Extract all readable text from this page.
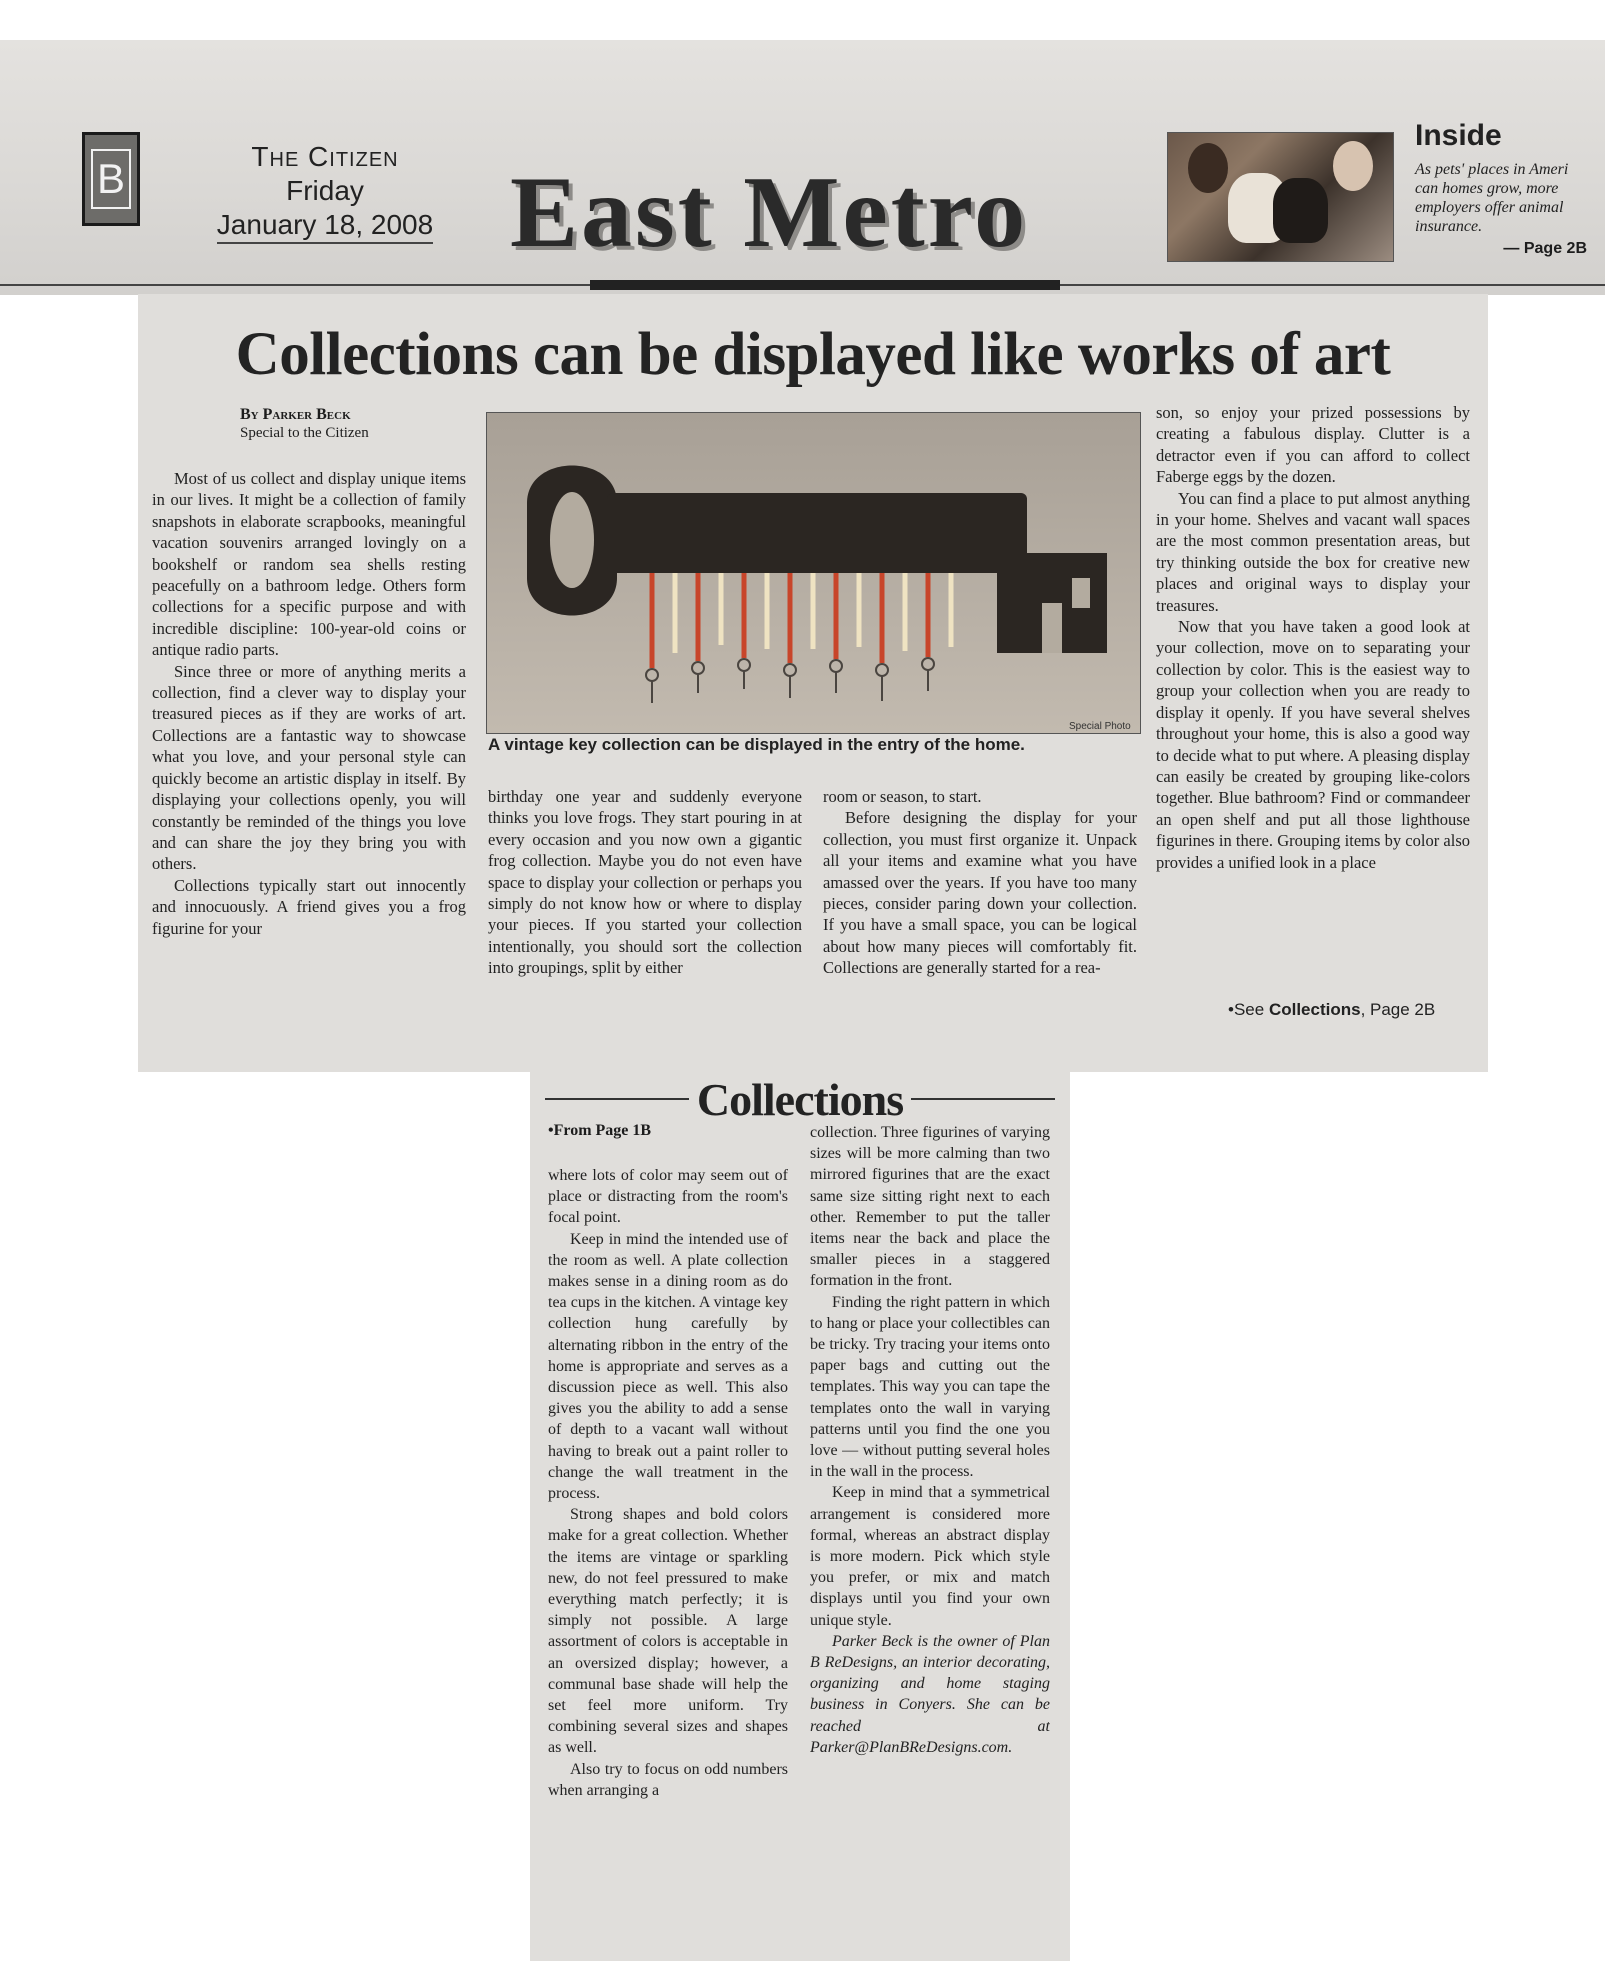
B	The Citizen
Friday
January 18, 2008 East Metro
Inside
As pets' places in Ameri
can homes grow, more
employers offer animal
insurance.
— Page 2B
Collections can be displayed like works of art
By Parker Beck
Special to the Citizen

Most of us collect and display unique items in our lives. It might be a collection of family snapshots in elaborate scrapbooks, meaningful vacation souvenirs arranged lovingly on a bookshelf or random sea shells resting peacefully on a bathroom ledge. Others form collections for a specific purpose and with incredible discipline: 100-year-old coins or antique radio parts.

Since three or more of anything merits a collection, find a clever way to display your treasured pieces as if they are works of art. Collections are a fantastic way to showcase what you love, and your personal style can quickly become an artistic display in itself. By displaying your collections openly, you will constantly be reminded of the things you love and can share the joy they bring you with others.

Collections typically start out innocently and innocuously. A friend gives you a frog figurine for your

Special Photo
A vintage key collection can be displayed in the entry of the home.

birthday one year and suddenly everyone thinks you love frogs. They start pouring in at every occasion and you now own a gigantic frog collection. Maybe you do not even have space to display your collection or perhaps you simply do not know how or where to display your pieces. If you started your collection intentionally, you should sort the collection into groupings, split by either

room or season, to start.

Before designing the display for your collection, you must first organize it. Unpack all your items and examine what you have amassed over the years. If you have too many pieces, consider paring down your collection. If you have a small space, you can be logical about how many pieces will comfortably fit. Collections are generally started for a rea-

son, so enjoy your prized possessions by creating a fabulous display. Clutter is a detractor even if you can afford to collect Faberge eggs by the dozen.

You can find a place to put almost anything in your home. Shelves and vacant wall spaces are the most common presentation areas, but try thinking outside the box for creative new places and original ways to display your treasures.

Now that you have taken a good look at your collection, move on to separating your collection by color. This is the easiest way to group your collection when you are ready to display it openly. If you have several shelves throughout your home, this is also a good way to decide what to put where. A pleasing display can easily be created by grouping like-colors together. Blue bathroom? Find or commandeer an open shelf and put all those lighthouse figurines in there. Grouping items by color also provides a unified look in a place

•See Collections, Page 2B
Collections
•From Page 1B

where lots of color may seem out of place or distracting from the room's focal point.

Keep in mind the intended use of the room as well. A plate collection makes sense in a dining room as do tea cups in the kitchen. A vintage key collection hung carefully by alternating ribbon in the entry of the home is appropriate and serves as a discussion piece as well. This also gives you the ability to add a sense of depth to a vacant wall without having to break out a paint roller to change the wall treatment in the process.

Strong shapes and bold colors make for a great collection. Whether the items are vintage or sparkling new, do not feel pressured to make everything match perfectly; it is simply not possible. A large assortment of colors is acceptable in an oversized display; however, a communal base shade will help the set feel more uniform. Try combining several sizes and shapes as well.

Also try to focus on odd numbers when arranging a

collection. Three figurines of varying sizes will be more calming than two mirrored figurines that are the exact same size sitting right next to each other. Remember to put the taller items near the back and place the smaller pieces in a staggered formation in the front.

Finding the right pattern in which to hang or place your collectibles can be tricky. Try tracing your items onto paper bags and cutting out the templates. This way you can tape the templates onto the wall in varying patterns until you find the one you love — without putting several holes in the wall in the process.

Keep in mind that a symmetrical arrangement is considered more formal, whereas an abstract display is more modern. Pick which style you prefer, or mix and match displays until you find your own unique style.

Parker Beck is the owner of Plan B ReDesigns, an interior decorating, organizing and home staging business in Conyers. She can be reached at Parker@PlanBReDesigns.com.
